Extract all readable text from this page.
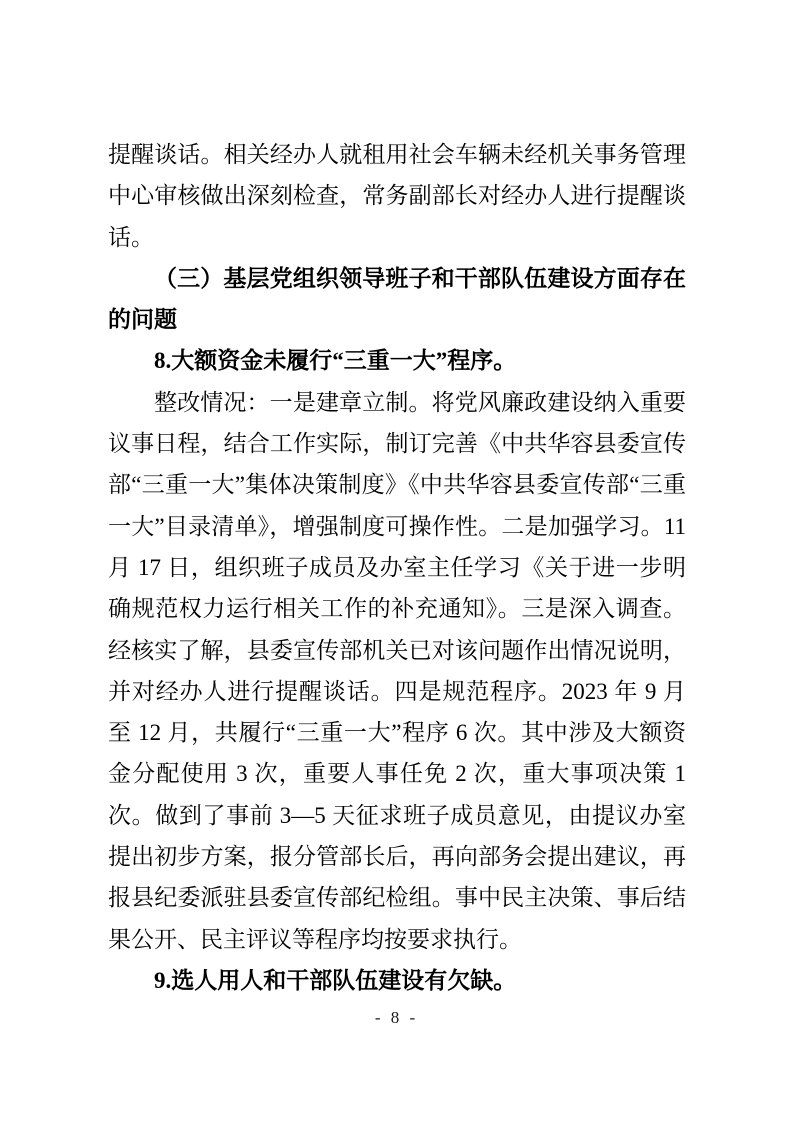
提醒谈话。相关经办人就租用社会车辆未经机关事务管理中心审核做出深刻检查，常务副部长对经办人进行提醒谈话。

（三）基层党组织领导班子和干部队伍建设方面存在的问题

8.大额资金未履行“三重一大”程序。

整改情况：一是建章立制。将党风廉政建设纳入重要议事日程，结合工作实际，制订完善《中共华容县委宣传部“三重一大”集体决策制度》《中共华容县委宣传部“三重一大”目录清单》，增强制度可操作性。二是加强学习。11 月 17 日，组织班子成员及办室主任学习《关于进一步明确规范权力运行相关工作的补充通知》。三是深入调查。经核实了解，县委宣传部机关已对该问题作出情况说明，并对经办人进行提醒谈话。四是规范程序。2023 年 9 月至 12 月，共履行“三重一大”程序 6 次。其中涉及大额资金分配使用 3 次，重要人事任免 2 次，重大事项决策 1 次。做到了事前 3—5 天征求班子成员意见，由提议办室提出初步方案，报分管部长后，再向部务会提出建议，再报县纪委派驻县委宣传部纪检组。事中民主决策、事后结果公开、民主评议等程序均按要求执行。

9.选人用人和干部队伍建设有欠缺。

- 8 -
